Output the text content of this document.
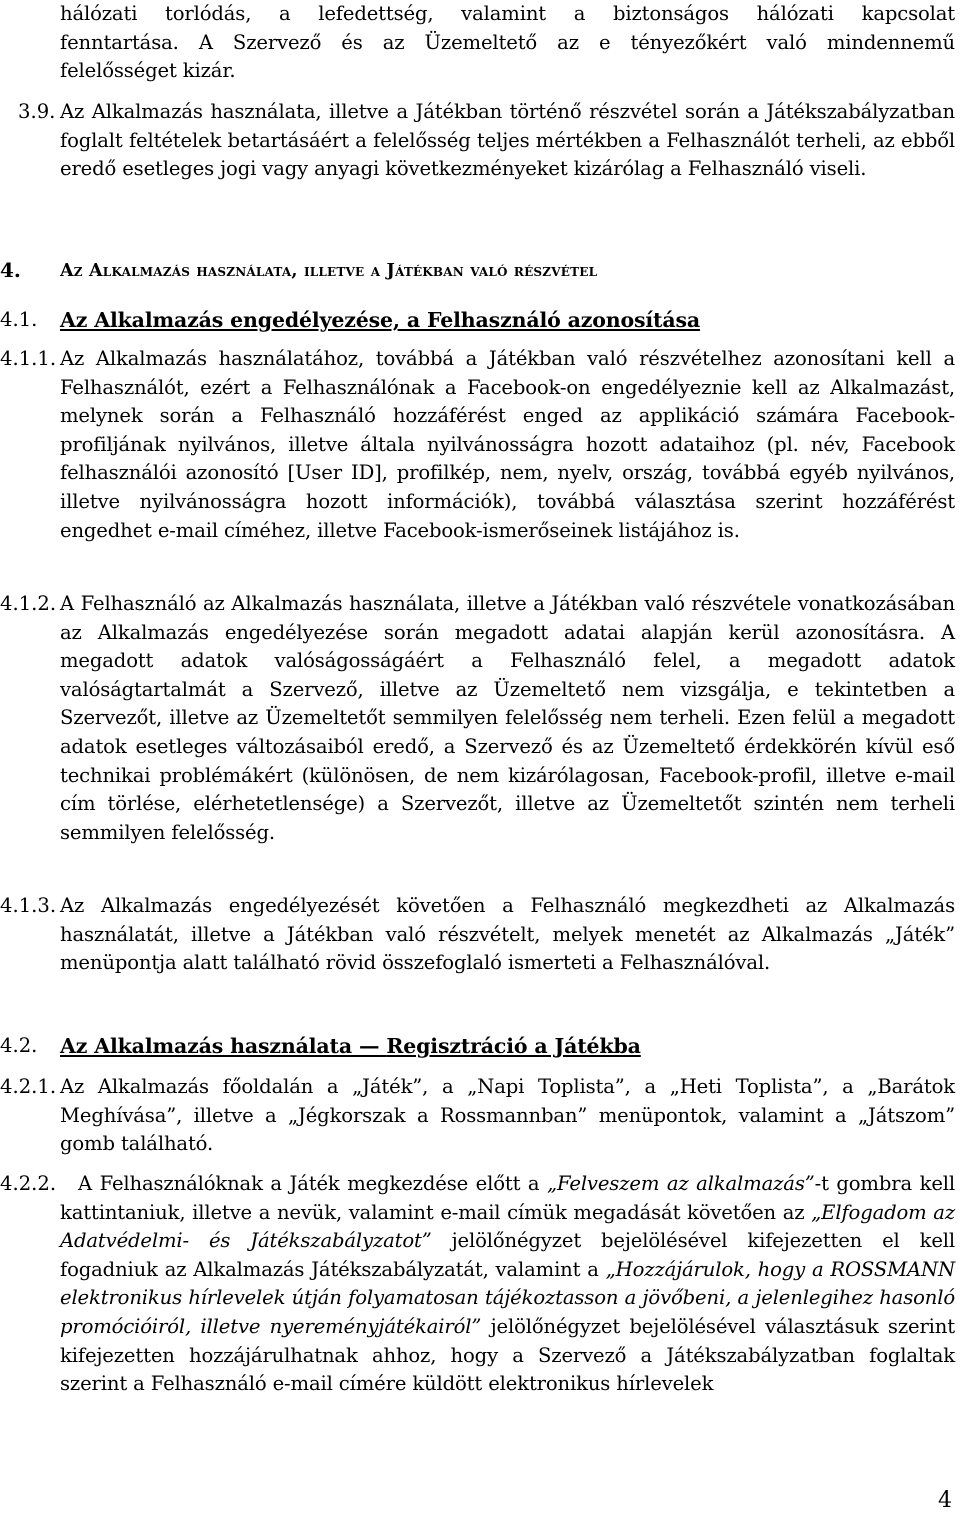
hálózati torlódás, a lefedettség, valamint a biztonságos hálózati kapcsolat

fenntartása. A Szervező és az Üzemeltető az e tényezőkért való mindennemű

felelősséget kizár.

3.9. Az Alkalmazás használata, illetve a Játékban történő részvétel során a Játékszabályzatban foglalt feltételek betartásáért a felelősség teljes mértékben a Felhasználót terheli, az ebből eredő esetleges jogi vagy anyagi következményeket kizárólag a Felhasználó viseli.
4. Az Alkalmazás használata, illetve a Játékban való részvétel
4.1. Az Alkalmazás engedélyezése, a Felhasználó azonosítása
4.1.1. Az Alkalmazás használatához, továbbá a Játékban való részvételhez azonosítani kell a Felhasználót, ezért a Felhasználónak a Facebook-on engedélyeznie kell az Alkalmazást, melynek során a Felhasználó hozzáférést enged az applikáció számára Facebook-profiljának nyilvános, illetve általa nyilvánosságra hozott adataihoz (pl. név, Facebook felhasználói azonosító [User ID], profilkép, nem, nyelv, ország, továbbá egyéb nyilvános, illetve nyilvánosságra hozott információk), továbbá választása szerint hozzáférést engedhet e-mail címéhez, illetve Facebook-ismerőseinek listájához is.
4.1.2. A Felhasználó az Alkalmazás használata, illetve a Játékban való részvétele vonatkozásában az Alkalmazás engedélyezése során megadott adatai alapján kerül azonosításra. A megadott adatok valóságosságáért a Felhasználó felel, a megadott adatok valóságtartalmát a Szervező, illetve az Üzemeltető nem vizsgálja, e tekintetben a Szervezőt, illetve az Üzemeltetőt semmilyen felelősség nem terheli. Ezen felül a megadott adatok esetleges változásaiból eredő, a Szervező és az Üzemeltető érdekkörén kívül eső technikai problémákért (különösen, de nem kizárólagosan, Facebook-profil, illetve e-mail cím törlése, elérhetetlensége) a Szervezőt, illetve az Üzemeltetőt szintén nem terheli semmilyen felelősség.
4.1.3. Az Alkalmazás engedélyezését követően a Felhasználó megkezdheti az Alkalmazás használatát, illetve a Játékban való részvételt, melyek menetét az Alkalmazás „Játék” menüpontja alatt található rövid összefoglaló ismerteti a Felhasználóval.
4.2. Az Alkalmazás használata — Regisztráció a Játékba
4.2.1. Az Alkalmazás főoldalán a „Játék”, a „Napi Toplista”, a „Heti Toplista”, a „Barátok Meghívása”, illetve a „Jégkorszak a Rossmannban” menüpontok, valamint a „Játszom” gomb található.
4.2.2.	A Felhasználóknak a Játék megkezdése előtt a „Felveszem az alkalmazás”-t gombra kell kattintaniuk, illetve a nevük, valamint e-mail címük megadását követően az „Elfogadom az Adatvédelmi- és Játékszabályzatot” jelölőnégyzet bejelölésével kifejezetten el kell fogadniuk az Alkalmazás Játékszabályzatát, valamint a „Hozzájárulok, hogy a ROSSMANN elektronikus hírlevelek útján folyamatosan tájékoztasson a jövőbeni, a jelenlegihez hasonló promócióiról, illetve nyereményjátékairól” jelölőnégyzet bejelölésével választásuk szerint kifejezetten hozzájárulhatnak ahhoz, hogy a Szervező a Játékszabályzatban foglaltak szerint a Felhasználó e-mail címére küldött elektronikus hírlevelek
4
